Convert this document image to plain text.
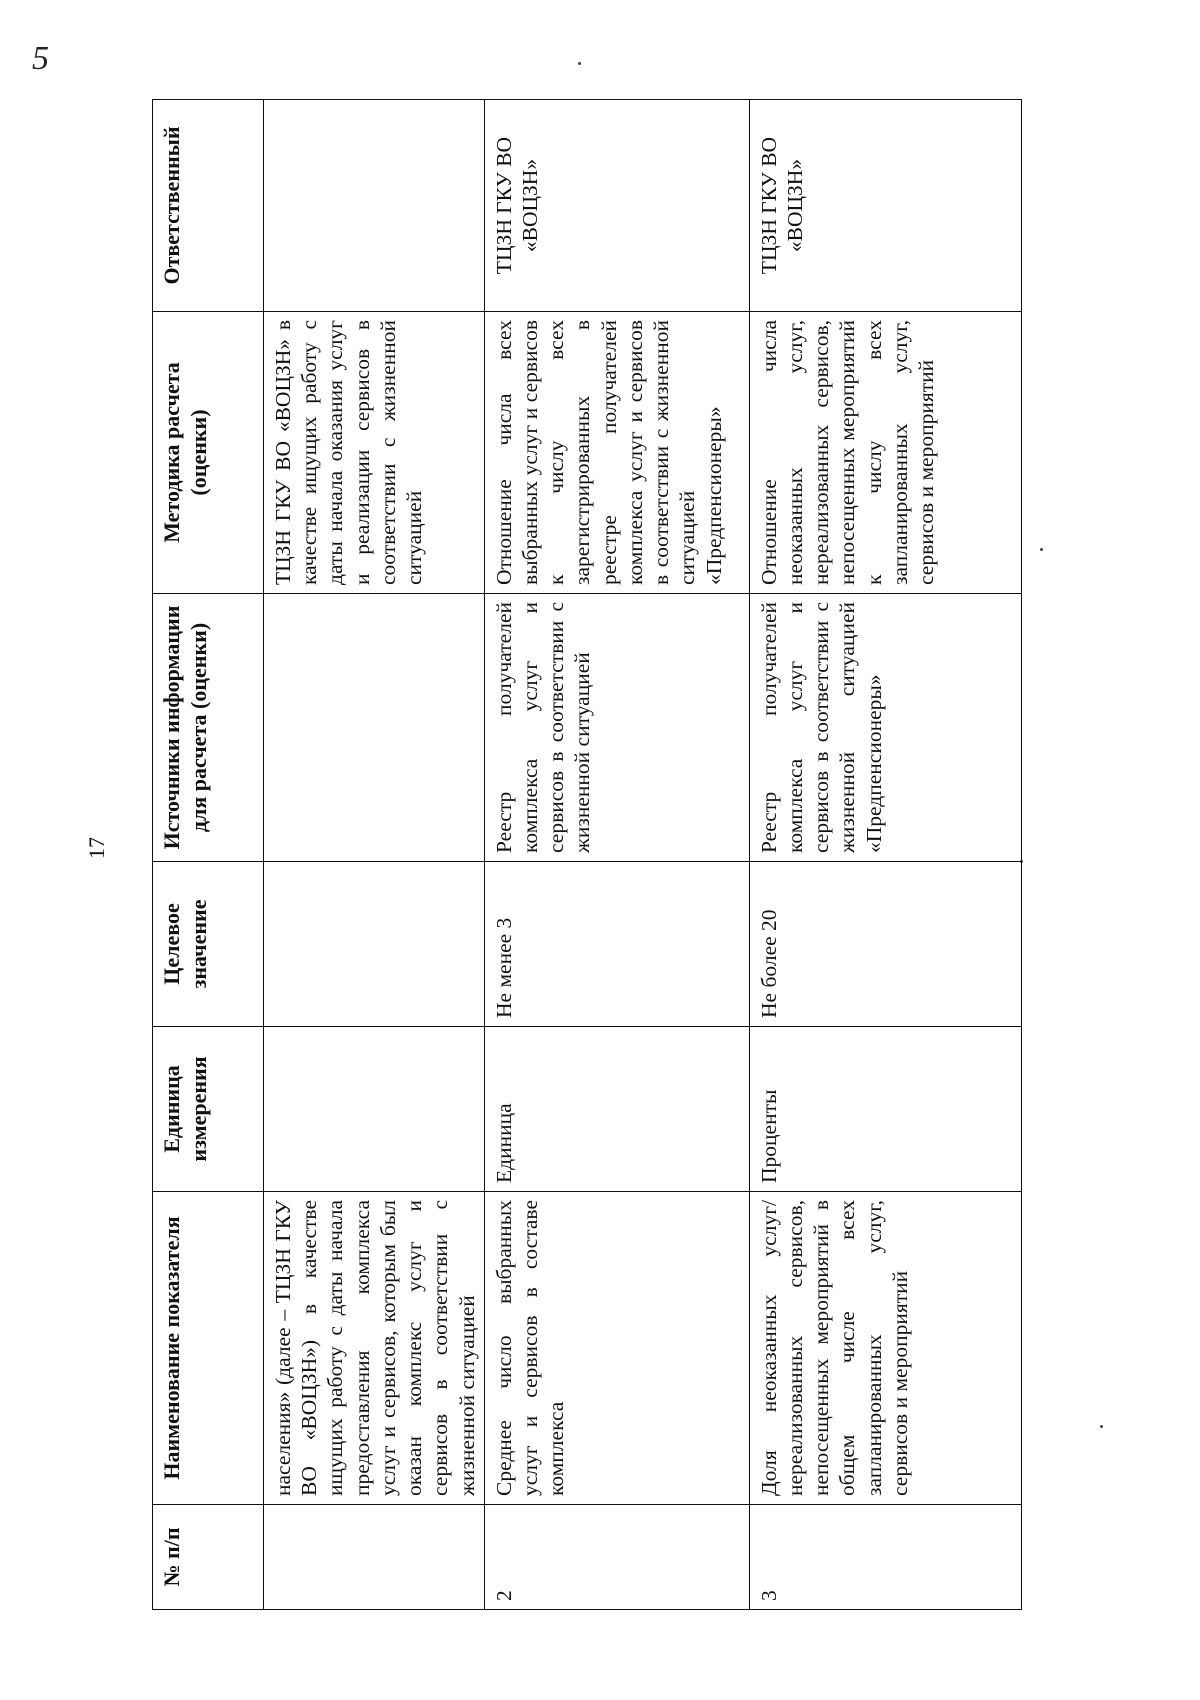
5
17
№ п/п	Наименование показателя	Единица измерения	Целевое значение	Источники информации для расчета (оценки)	Методика расчета (оценки)	Ответственный
	населения» (далее – ТЦЗН ГКУ ВО «ВОЦЗН») в качестве ищущих работу с даты начала предоставления комплекса услуг и сервисов, которым был оказан комплекс услуг и сервисов в соответствии с жизненной ситуацией				ТЦЗН ГКУ ВО «ВОЦЗН» в качестве ищущих работу с даты начала оказания услуг и реализации сервисов в соответствии с жизненной ситуацией	
2	Среднее число выбранных услуг и сервисов в составе комплекса	Единица	Не менее 3	Реестр получателей комплекса услуг и сервисов в соответствии с жизненной ситуацией	Отношение числа всех выбранных услуг и сервисов к числу всех зарегистрированных в реестре получателей комплекса услуг и сервисов в соответствии с жизненной ситуацией «Предпенсионеры»	ТЦЗН ГКУ ВО «ВОЦЗН»
3	Доля неоказанных услуг/нереализованных сервисов, непосещенных мероприятий в общем числе всех запланированных услуг, сервисов и мероприятий	Проценты	Не более 20	Реестр получателей комплекса услуг и сервисов в соответствии с жизненной ситуацией «Предпенсионеры»	Отношение числа неоказанных услуг, нереализованных сервисов, непосещенных мероприятий к числу всех запланированных услуг, сервисов и мероприятий	ТЦЗН ГКУ ВО «ВОЦЗН»
